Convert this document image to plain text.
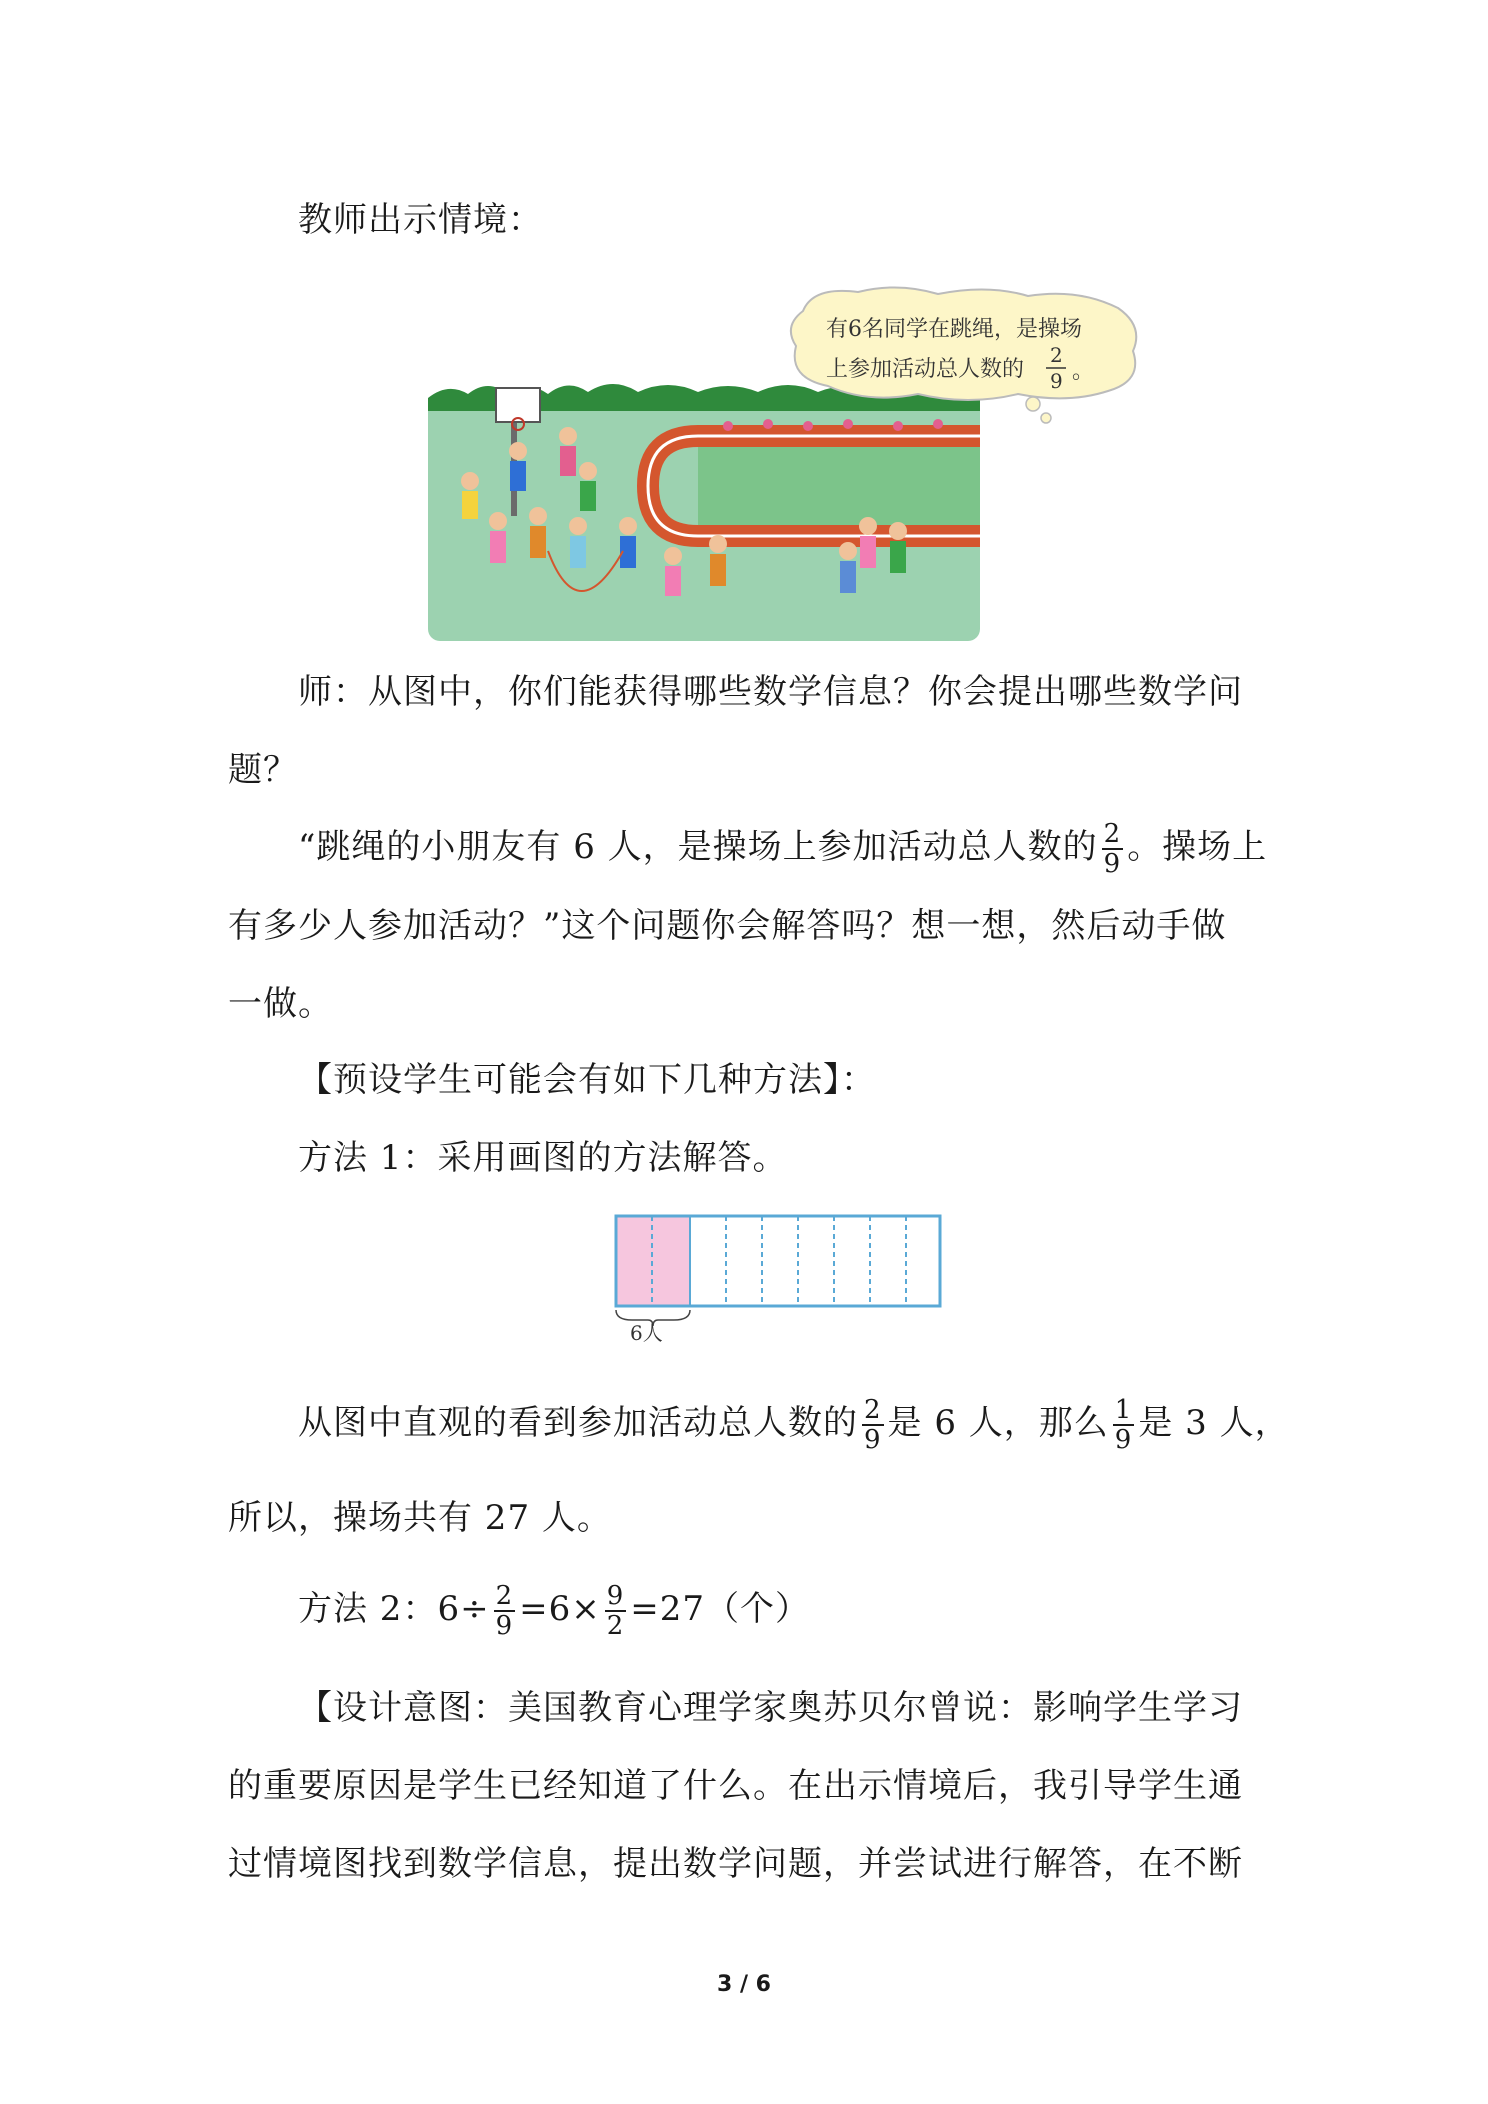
教师出示情境：
有6名同学在跳绳，是操场
上参加活动总人数的
2
9 。
师：从图中，你们能获得哪些数学信息？你会提出哪些数学问
题？
“跳绳的小朋友有 6 人，是操场上参加活动总人数的 $\frac{2}{9}$ 。操场上
有多少人参加活动？”这个问题你会解答吗？想一想，然后动手做
一做。
【预设学生可能会有如下几种方法】：
方法 1：采用画图的方法解答。
6人
从图中直观的看到参加活动总人数的 $\frac{2}{9}$ 是 6 人，那么 $\frac{1}{9}$ 是 3 人，
所以，操场共有 27 人。
方法 2：$6\div \frac{2}{9} =6\times \frac{9}{2} =27$（个）
【设计意图：美国教育心理学家奥苏贝尔曾说：影响学生学习
的重要原因是学生已经知道了什么。在出示情境后，我引导学生通
过情境图找到数学信息，提出数学问题，并尝试进行解答，在不断
3 / 6
